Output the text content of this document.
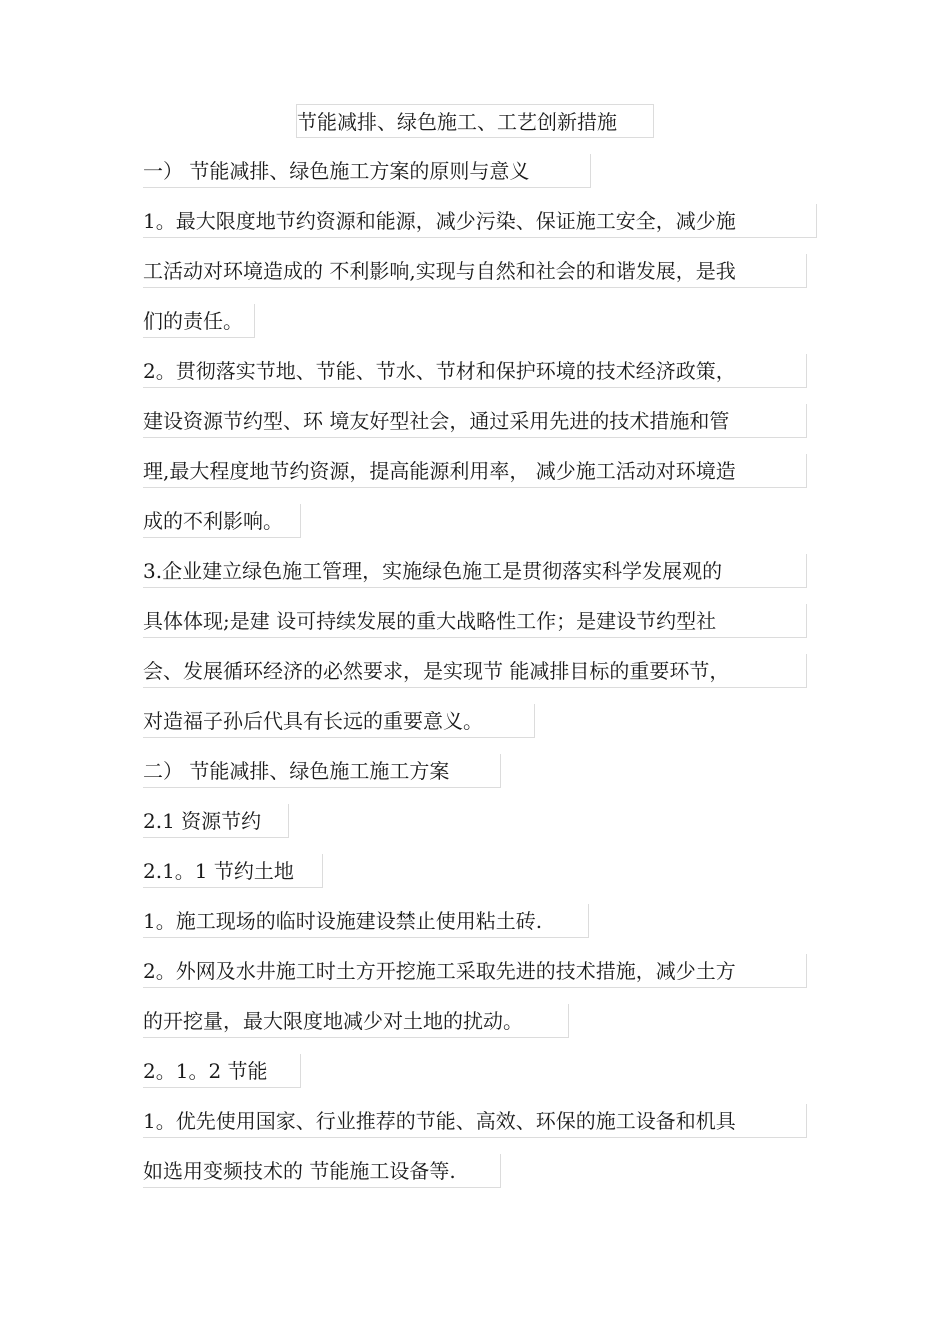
节能减排、绿色施工、工艺创新措施
一） 节能减排、绿色施工方案的原则与意义
1。最大限度地节约资源和能源，减少污染、保证施工安全，减少施
工活动对环境造成的 不利影响,实现与自然和社会的和谐发展，是我
们的责任。
2。贯彻落实节地、节能、节水、节材和保护环境的技术经济政策，
建设资源节约型、环 境友好型社会，通过采用先进的技术措施和管
理,最大程度地节约资源，提高能源利用率， 减少施工活动对环境造
成的不利影响。
3.企业建立绿色施工管理，实施绿色施工是贯彻落实科学发展观的
具体体现;是建 设可持续发展的重大战略性工作；是建设节约型社
会、发展循环经济的必然要求，是实现节 能减排目标的重要环节，
对造福子孙后代具有长远的重要意义。
二） 节能减排、绿色施工施工方案
2.1 资源节约
2.1。1 节约土地
1。施工现场的临时设施建设禁止使用粘土砖.
2。外网及水井施工时土方开挖施工采取先进的技术措施，减少土方
的开挖量，最大限度地减少对土地的扰动。
2。1。2 节能
1。优先使用国家、行业推荐的节能、高效、环保的施工设备和机具
如选用变频技术的 节能施工设备等.
